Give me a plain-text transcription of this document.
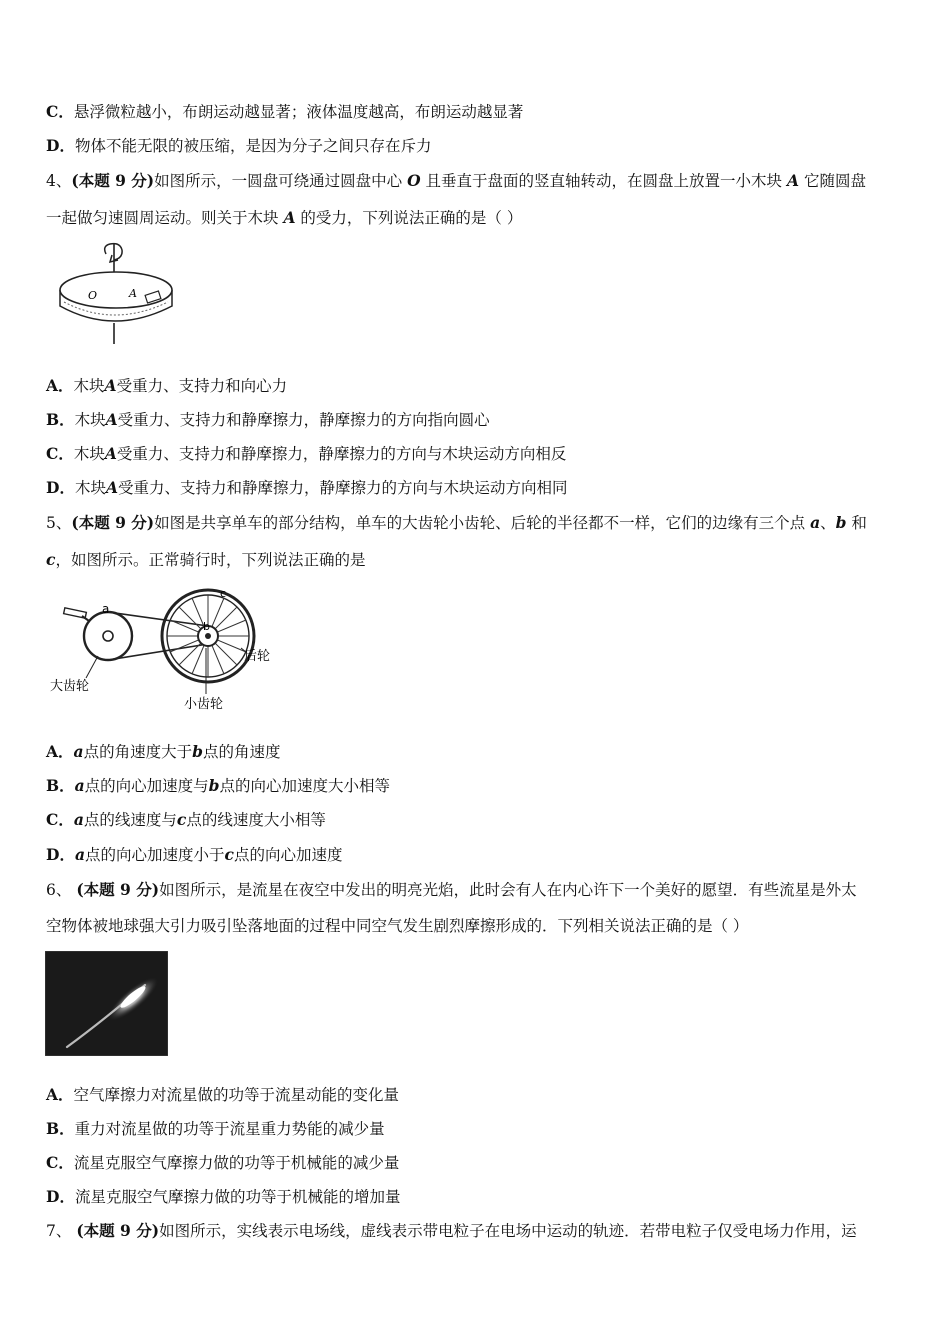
C．悬浮微粒越小，布朗运动越显著；液体温度越高，布朗运动越显著
D．物体不能无限的被压缩，是因为分子之间只存在斥力
4、(本题 9 分)如图所示，一圆盘可绕通过圆盘中心 O 且垂直于盘面的竖直轴转动，在圆盘上放置一小木块 A 它随圆盘
一起做匀速圆周运动。则关于木块 A 的受力，下列说法正确的是（ ）
O	A
A．木块A受重力、支持力和向心力
B．木块A受重力、支持力和静摩擦力，静摩擦力的方向指向圆心
C．木块A受重力、支持力和静摩擦力，静摩擦力的方向与木块运动方向相反
D．木块A受重力、支持力和静摩擦力，静摩擦力的方向与木块运动方向相同
5、(本题 9 分)如图是共享单车的部分结构，单车的大齿轮小齿轮、后轮的半径都不一样，它们的边缘有三个点 a、b 和
c，如图所示。正常骑行时，下列说法正确的是
a
b
c
后轮
大齿轮
小齿轮
A．a点的角速度大于b点的角速度
B．a点的向心加速度与b点的向心加速度大小相等
C．a点的线速度与c点的线速度大小相等
D．a点的向心加速度小于c点的向心加速度
6、 (本题 9 分)如图所示，是流星在夜空中发出的明亮光焰，此时会有人在内心许下一个美好的愿望．有些流星是外太
空物体被地球强大引力吸引坠落地面的过程中同空气发生剧烈摩擦形成的．下列相关说法正确的是（ ）
A．空气摩擦力对流星做的功等于流星动能的变化量
B．重力对流星做的功等于流星重力势能的减少量
C．流星克服空气摩擦力做的功等于机械能的减少量
D．流星克服空气摩擦力做的功等于机械能的增加量
7、 (本题 9 分)如图所示，实线表示电场线，虚线表示带电粒子在电场中运动的轨迹．若带电粒子仅受电场力作用，运
